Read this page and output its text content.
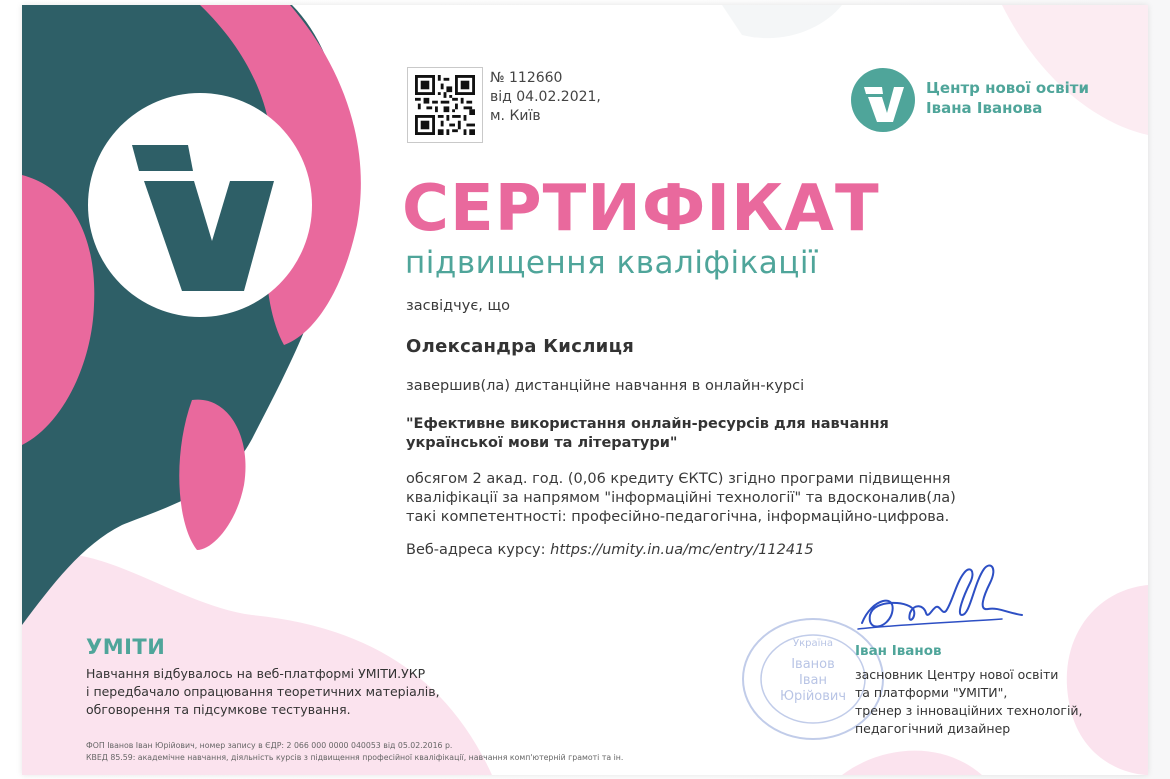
№ 112660
від 04.02.2021,
м. Київ
Центр нової освіти
Івана Іванова
СЕРТИФІКАТ
підвищення кваліфікації
засвідчує, що
Олександра Кислиця
завершив(ла) дистанційне навчання в онлайн-курсі
"Ефективне використання онлайн-ресурсів для навчання
української мови та літератури"
обсягом 2 акад. год. (0,06 кредиту ЄКТС) згідно програми підвищення
кваліфікації за напрямом "інформаційні технології" та вдосконалив(ла)
такі компетентності: професійно-педагогічна, інформаційно-цифрова.
Веб-адреса курсу: https://umity.in.ua/mc/entry/112415
Україна
Іванов
Іван
Юрійович
Іван Іванов
засновник Центру нової освіти
та платформи "УМІТИ",
тренер з інноваційних технологій,
педагогічний дизайнер
УМІТИ
Навчання відбувалось на веб-платформі УМІТИ.УКР
і передбачало опрацювання теоретичних матеріалів,
обговорення та підсумкове тестування.
ФОП Іванов Іван Юрійович, номер запису в ЄДР: 2 066 000 0000 040053 від 05.02.2016 р.
КВЕД 85.59: академічне навчання, діяльність курсів з підвищення професійної кваліфікації, навчання комп'ютерній грамоті та ін.
